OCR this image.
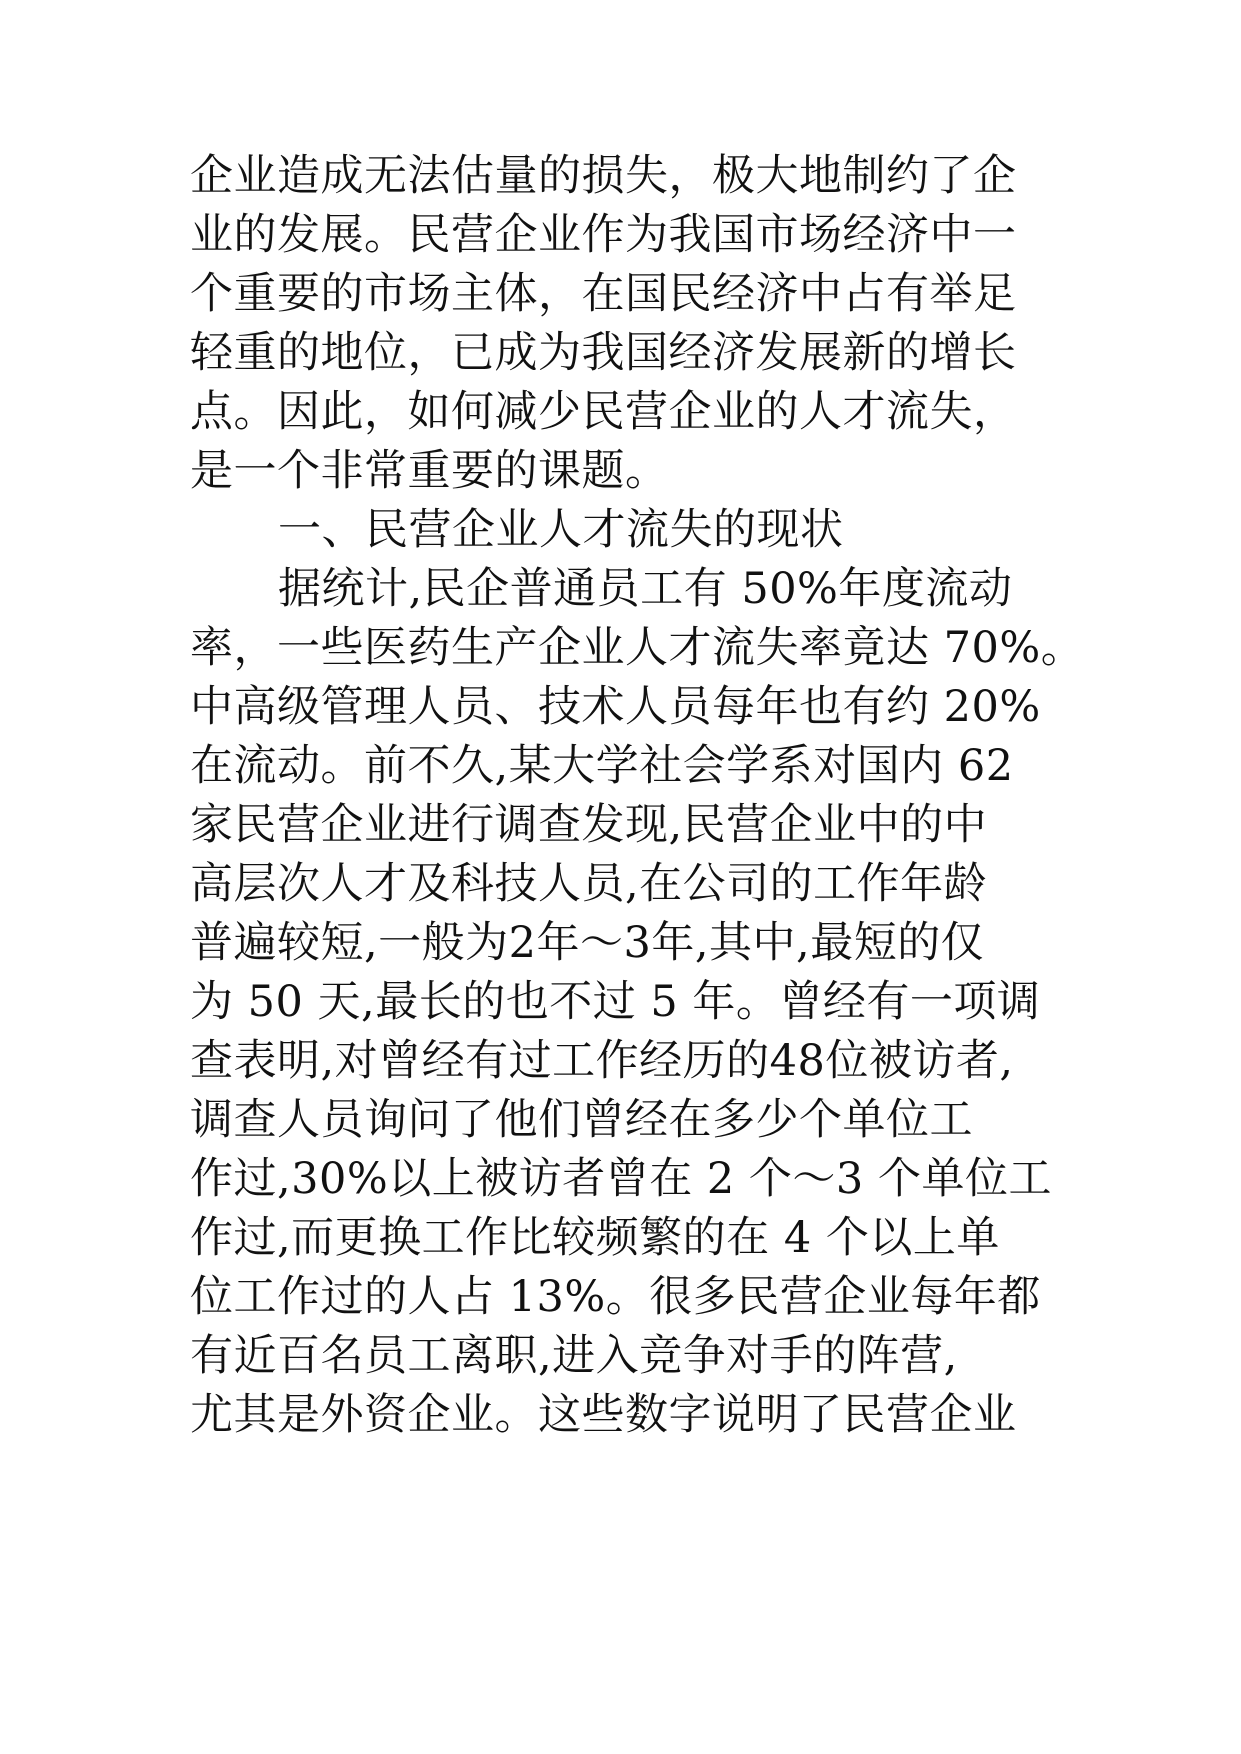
企业造成无法估量的损失，极大地制约了企
业的发展。民营企业作为我国市场经济中一
个重要的市场主体，在国民经济中占有举足
轻重的地位，已成为我国经济发展新的增长
点。因此，如何减少民营企业的人才流失，
是一个非常重要的课题。
一、民营企业人才流失的现状
据统计,民企普通员工有 50%年度流动
率，一些医药生产企业人才流失率竟达 70%。
中高级管理人员、技术人员每年也有约 20%
在流动。前不久,某大学社会学系对国内 62
家民营企业进行调查发现,民营企业中的中
高层次人才及科技人员,在公司的工作年龄
普遍较短,一般为2年～3年,其中,最短的仅
为 50 天,最长的也不过 5 年。曾经有一项调
查表明,对曾经有过工作经历的48位被访者,
调查人员询问了他们曾经在多少个单位工
作过,30%以上被访者曾在 2 个～3 个单位工
作过,而更换工作比较频繁的在 4 个以上单
位工作过的人占 13%。很多民营企业每年都
有近百名员工离职,进入竞争对手的阵营,
尤其是外资企业。这些数字说明了民营企业
